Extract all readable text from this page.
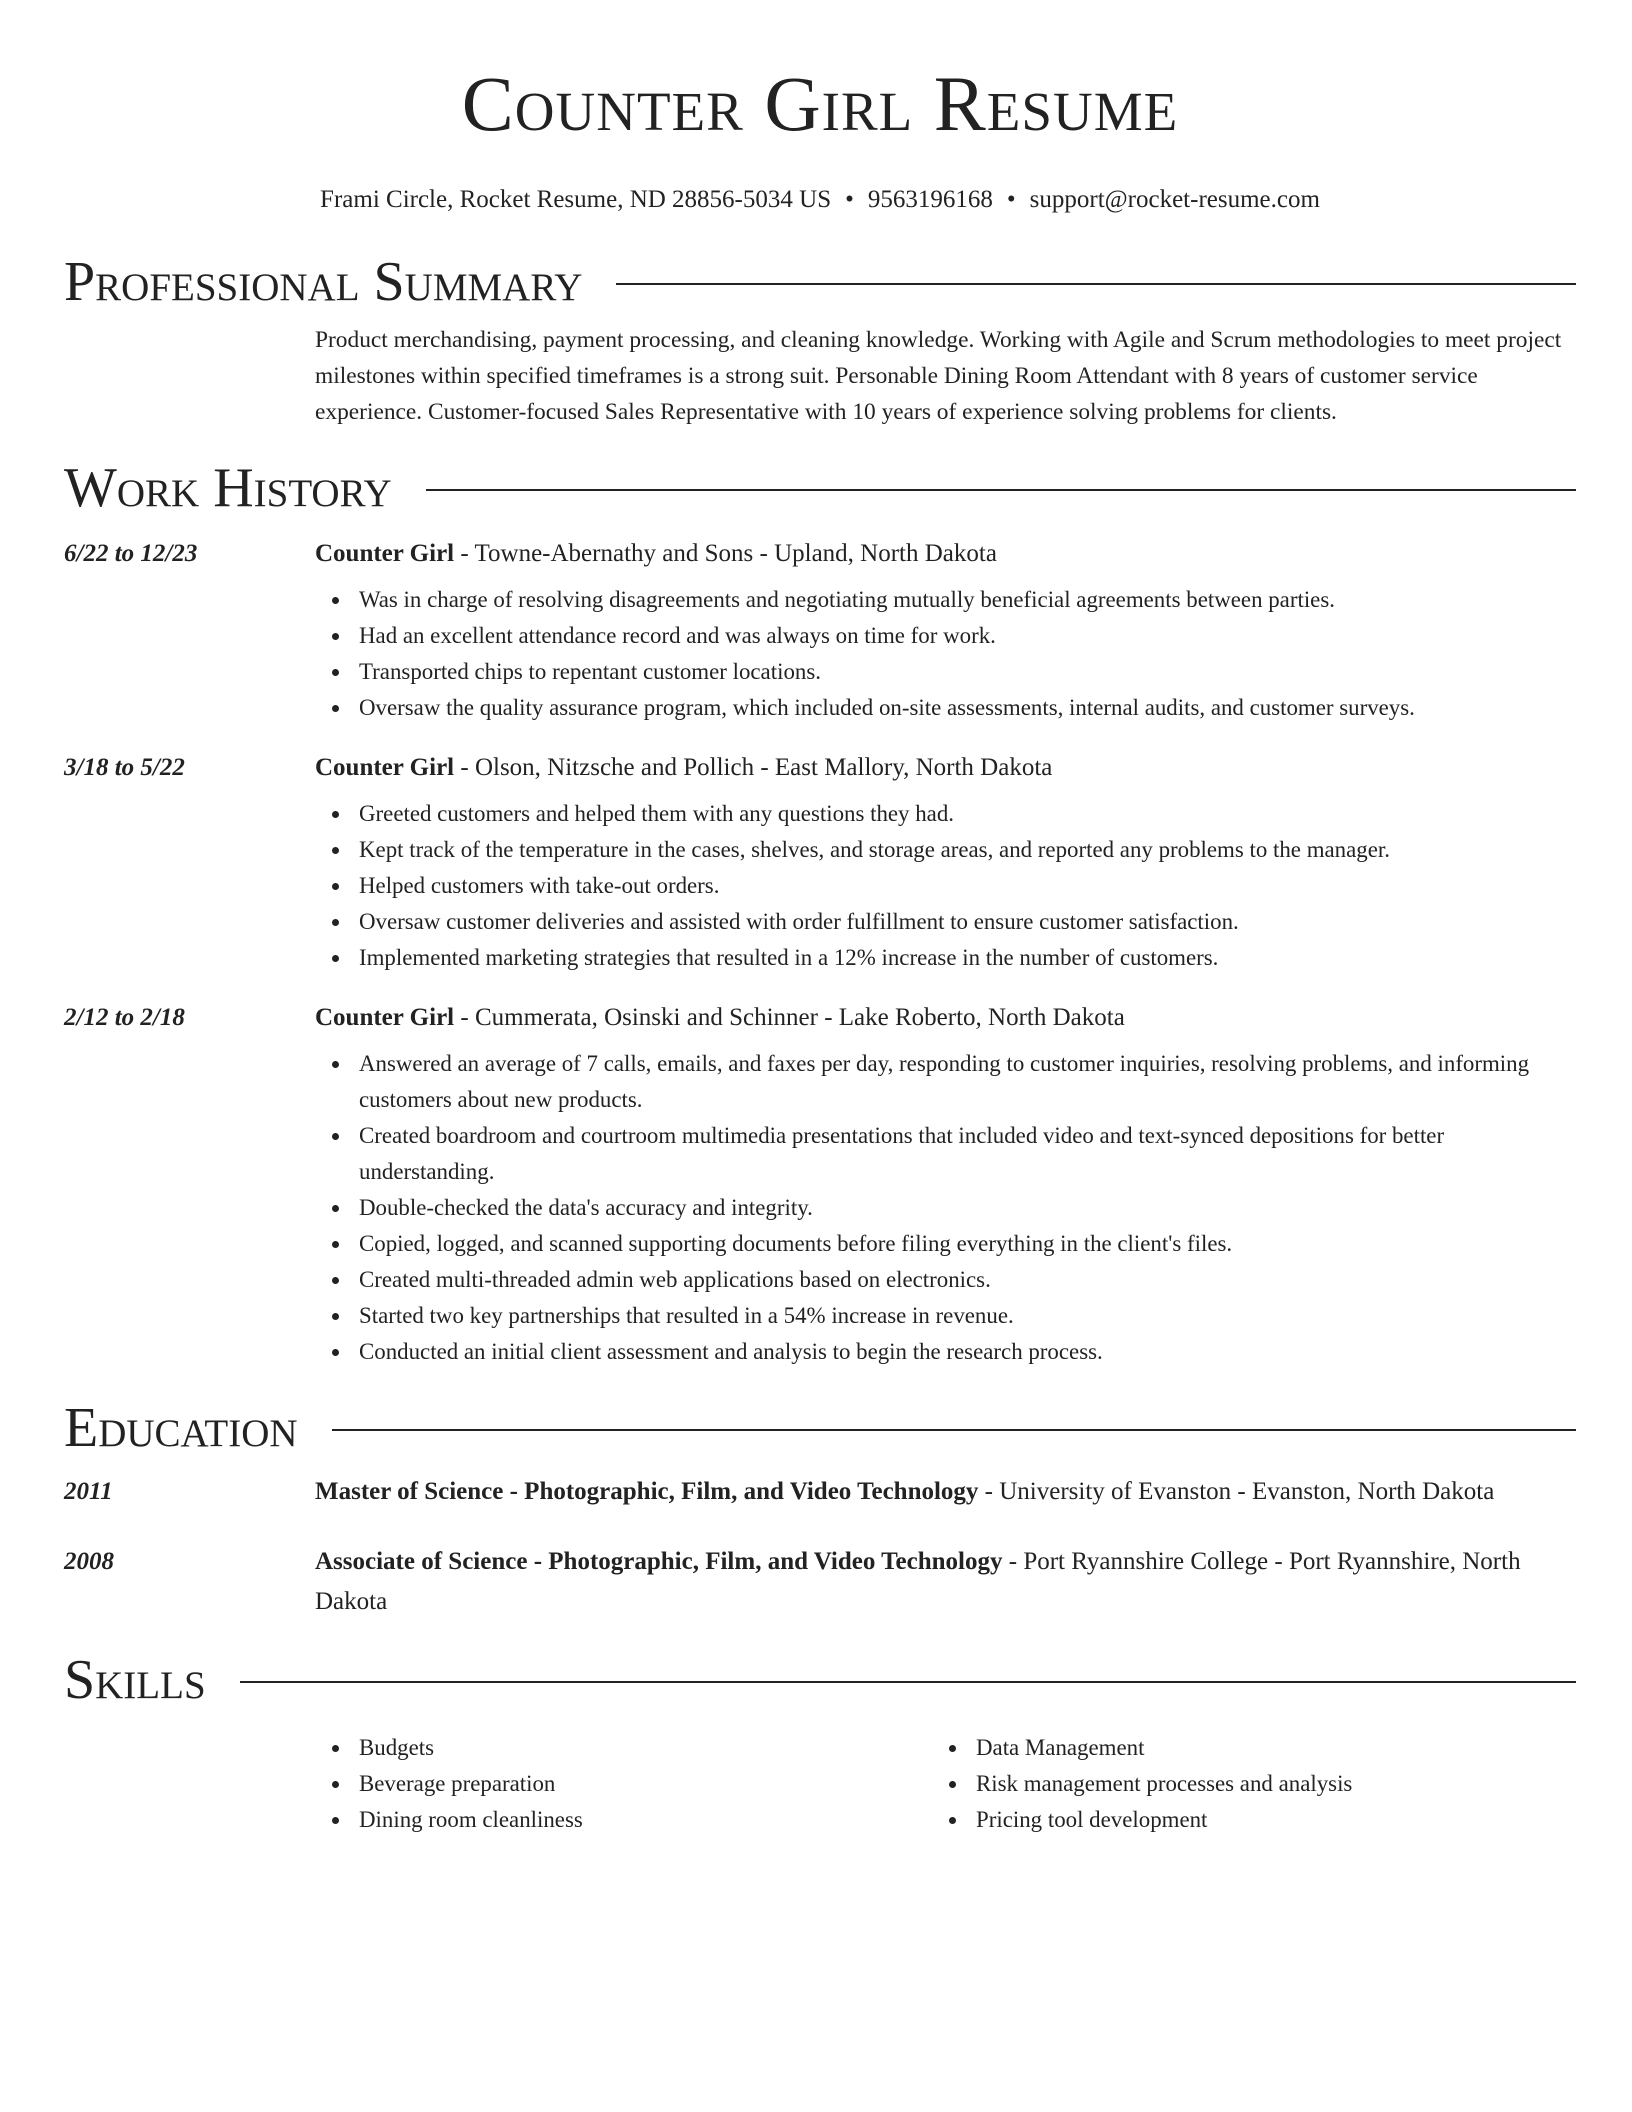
Counter Girl Resume
Frami Circle, Rocket Resume, ND 28856-5034 US • 9563196168 • support@rocket-resume.com
Professional Summary
Product merchandising, payment processing, and cleaning knowledge. Working with Agile and Scrum methodologies to meet project milestones within specified timeframes is a strong suit. Personable Dining Room Attendant with 8 years of customer service experience. Customer-focused Sales Representative with 10 years of experience solving problems for clients.
Work History
6/22 to 12/23	Counter Girl - Towne-Abernathy and Sons - Upland, North Dakota
Was in charge of resolving disagreements and negotiating mutually beneficial agreements between parties.
Had an excellent attendance record and was always on time for work.
Transported chips to repentant customer locations.
Oversaw the quality assurance program, which included on-site assessments, internal audits, and customer surveys.
3/18 to 5/22	Counter Girl - Olson, Nitzsche and Pollich - East Mallory, North Dakota
Greeted customers and helped them with any questions they had.
Kept track of the temperature in the cases, shelves, and storage areas, and reported any problems to the manager.
Helped customers with take-out orders.
Oversaw customer deliveries and assisted with order fulfillment to ensure customer satisfaction.
Implemented marketing strategies that resulted in a 12% increase in the number of customers.
2/12 to 2/18	Counter Girl - Cummerata, Osinski and Schinner - Lake Roberto, North Dakota
Answered an average of 7 calls, emails, and faxes per day, responding to customer inquiries, resolving problems, and informing customers about new products.
Created boardroom and courtroom multimedia presentations that included video and text-synced depositions for better understanding.
Double-checked the data's accuracy and integrity.
Copied, logged, and scanned supporting documents before filing everything in the client's files.
Created multi-threaded admin web applications based on electronics.
Started two key partnerships that resulted in a 54% increase in revenue.
Conducted an initial client assessment and analysis to begin the research process.
Education
2011	Master of Science - Photographic, Film, and Video Technology - University of Evanston - Evanston, North Dakota
2008	Associate of Science - Photographic, Film, and Video Technology - Port Ryannshire College - Port Ryannshire, North Dakota
Skills
Budgets
Beverage preparation
Dining room cleanliness
Data Management
Risk management processes and analysis
Pricing tool development
